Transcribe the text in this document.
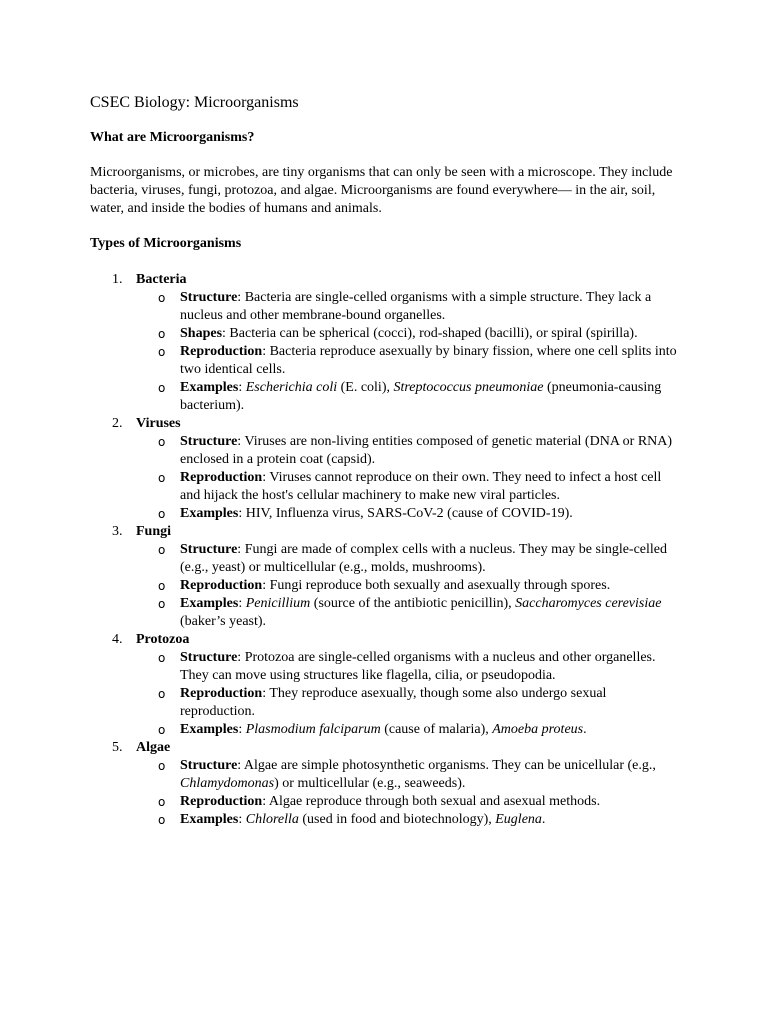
CSEC Biology: Microorganisms
What are Microorganisms?

Microorganisms, or microbes, are tiny organisms that can only be seen with a microscope. They include bacteria, viruses, fungi, protozoa, and algae. Microorganisms are found everywhere— in the air, soil, water, and inside the bodies of humans and animals.

Types of Microorganisms
1. Bacteria
o Structure: Bacteria are single-celled organisms with a simple structure. They lack a nucleus and other membrane-bound organelles.
o Shapes: Bacteria can be spherical (cocci), rod-shaped (bacilli), or spiral (spirilla).
o Reproduction: Bacteria reproduce asexually by binary fission, where one cell splits into two identical cells.
o Examples: Escherichia coli (E. coli), Streptococcus pneumoniae (pneumonia-causing bacterium).
2. Viruses
o Structure: Viruses are non-living entities composed of genetic material (DNA or RNA) enclosed in a protein coat (capsid).
o Reproduction: Viruses cannot reproduce on their own. They need to infect a host cell and hijack the host's cellular machinery to make new viral particles.
o Examples: HIV, Influenza virus, SARS-CoV-2 (cause of COVID-19).
3. Fungi
o Structure: Fungi are made of complex cells with a nucleus. They may be single-celled (e.g., yeast) or multicellular (e.g., molds, mushrooms).
o Reproduction: Fungi reproduce both sexually and asexually through spores.
o Examples: Penicillium (source of the antibiotic penicillin), Saccharomyces cerevisiae (baker’s yeast).
4. Protozoa
o Structure: Protozoa are single-celled organisms with a nucleus and other organelles. They can move using structures like flagella, cilia, or pseudopodia.
o Reproduction: They reproduce asexually, though some also undergo sexual reproduction.
o Examples: Plasmodium falciparum (cause of malaria), Amoeba proteus.
5. Algae
o Structure: Algae are simple photosynthetic organisms. They can be unicellular (e.g., Chlamydomonas) or multicellular (e.g., seaweeds).
o Reproduction: Algae reproduce through both sexual and asexual methods.
o Examples: Chlorella (used in food and biotechnology), Euglena.
